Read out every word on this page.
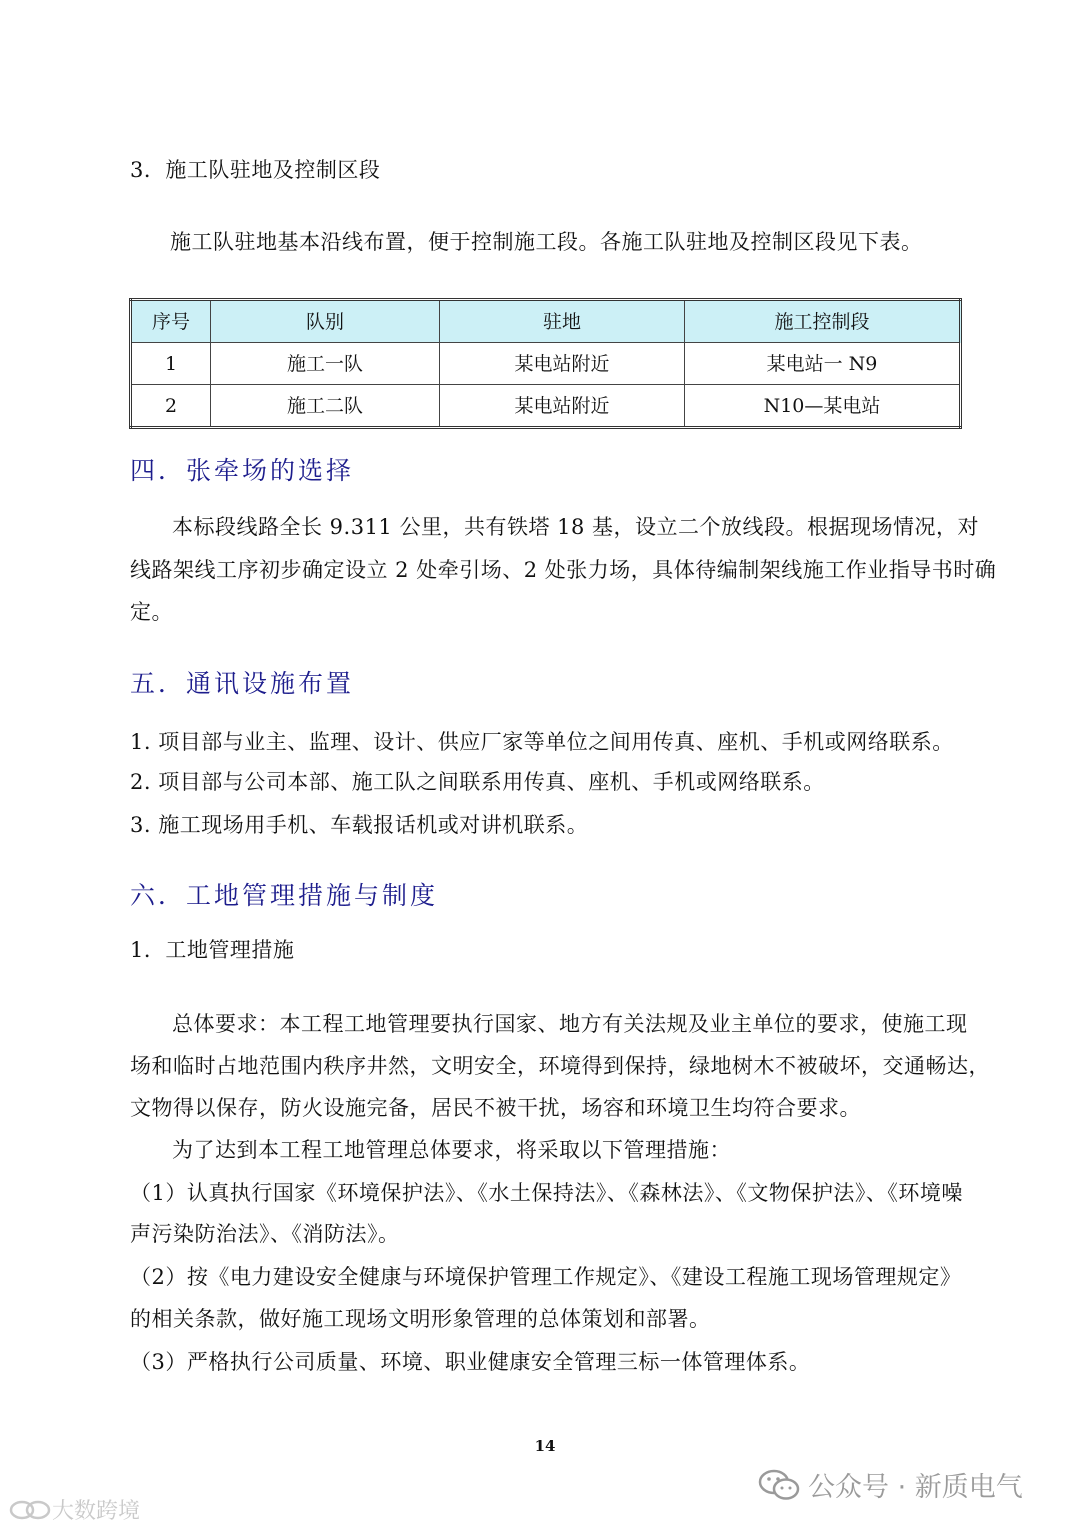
3．施工队驻地及控制区段
施工队驻地基本沿线布置，便于控制施工段。各施工队驻地及控制区段见下表。
序号	队别	驻地	施工控制段
1	施工一队	某电站附近	某电站一 N9
2	施工二队	某电站附近	N10—某电站
四．张牵场的选择
本标段线路全长 9.311 公里，共有铁塔 18 基，设立二个放线段。根据现场情况，对
线路架线工序初步确定设立 2 处牵引场、2 处张力场，具体待编制架线施工作业指导书时确
定。
五．通讯设施布置
1. 项目部与业主、监理、设计、供应厂家等单位之间用传真、座机、手机或网络联系。
2. 项目部与公司本部、施工队之间联系用传真、座机、手机或网络联系。
3. 施工现场用手机、车载报话机或对讲机联系。
六．工地管理措施与制度
1．工地管理措施
总体要求：本工程工地管理要执行国家、地方有关法规及业主单位的要求，使施工现
场和临时占地范围内秩序井然，文明安全，环境得到保持，绿地树木不被破坏，交通畅达，
文物得以保存，防火设施完备，居民不被干扰，场容和环境卫生均符合要求。
为了达到本工程工地管理总体要求，将采取以下管理措施：
（1）认真执行国家《环境保护法》、《水土保持法》、《森林法》、《文物保护法》、《环境噪
声污染防治法》、《消防法》。
（2）按《电力建设安全健康与环境保护管理工作规定》、《建设工程施工现场管理规定》
的相关条款，做好施工现场文明形象管理的总体策划和部署。
（3）严格执行公司质量、环境、职业健康安全管理三标一体管理体系。
14
大数跨境
公众号 · 新质电气
